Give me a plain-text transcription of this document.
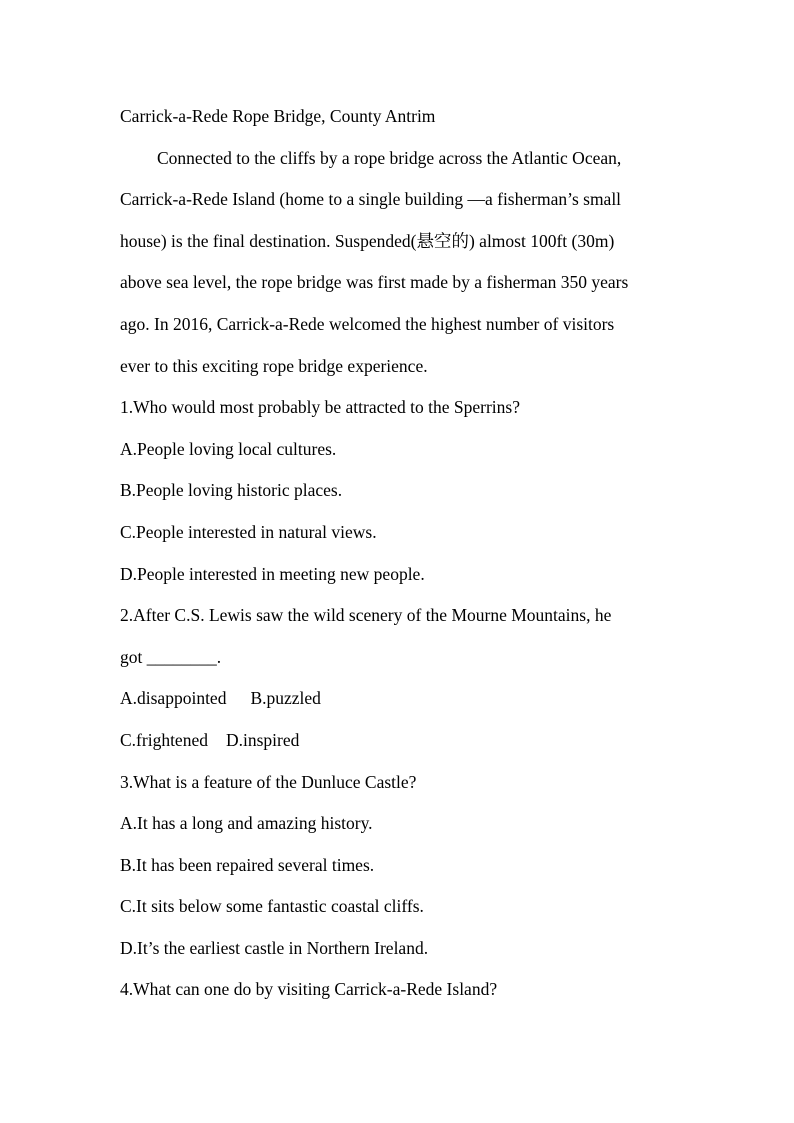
Carrick-a-Rede Rope Bridge, County Antrim
Connected to the cliffs by a rope bridge across the Atlantic Ocean,
Carrick-a-Rede Island (home to a single building —a fisherman’s small
house) is the final destination. Suspended(悬空的) almost 100ft (30m)
above sea level, the rope bridge was first made by a fisherman 350 years
ago. In 2016, Carrick-a-Rede welcomed the highest number of visitors
ever to this exciting rope bridge experience.
1.Who would most probably be attracted to the Sperrins?
A.People loving local cultures.
B.People loving historic places.
C.People interested in natural views.
D.People interested in meeting new people.
2.After C.S. Lewis saw the wild scenery of the Mourne Mountains, he
got ________.
A.disappointed B.puzzled
C.frightened D.inspired
3.What is a feature of the Dunluce Castle?
A.It has a long and amazing history.
B.It has been repaired several times.
C.It sits below some fantastic coastal cliffs.
D.It’s the earliest castle in Northern Ireland.
4.What can one do by visiting Carrick-a-Rede Island?
